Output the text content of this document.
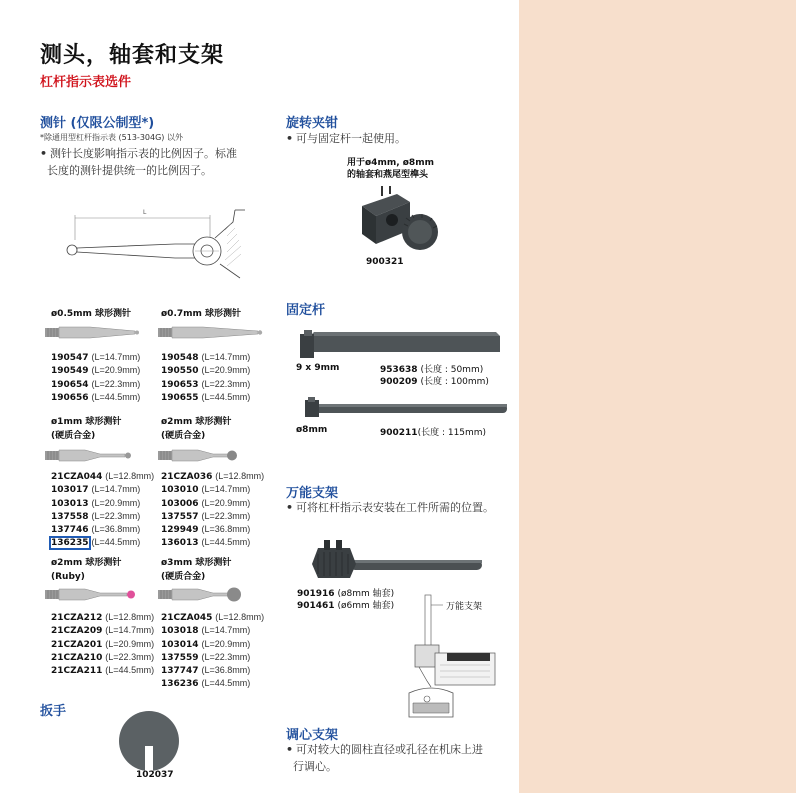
测头，轴套和支架
杠杆指示表选件
测针 (仅限公制型*)
*除通用型杠杆指示表 (513-304G) 以外
• 测针长度影响指示表的比例因子。标准
长度的测针提供统一的比例因子。
L
ø0.5mm 球形测针
190547 (L=14.7mm)
190549 (L=20.9mm)
190654 (L=22.3mm)
190656 (L=44.5mm)
ø0.7mm 球形测针
190548 (L=14.7mm)
190550 (L=20.9mm)
190653 (L=22.3mm)
190655 (L=44.5mm)
ø1mm 球形测针
(硬质合金)
21CZA044 (L=12.8mm)
103017 (L=14.7mm)
103013 (L=20.9mm)
137558 (L=22.3mm)
137746 (L=36.8mm)
136235 (L=44.5mm)
ø2mm 球形测针
(硬质合金)
21CZA036 (L=12.8mm)
103010 (L=14.7mm)
103006 (L=20.9mm)
137557 (L=22.3mm)
129949 (L=36.8mm)
136013 (L=44.5mm)
ø2mm 球形测针
(Ruby)
21CZA212 (L=12.8mm)
21CZA209 (L=14.7mm)
21CZA201 (L=20.9mm)
21CZA210 (L=22.3mm)
21CZA211 (L=44.5mm)
ø3mm 球形测针
(硬质合金)
21CZA045 (L=12.8mm)
103018 (L=14.7mm)
103014 (L=20.9mm)
137559 (L=22.3mm)
137747 (L=36.8mm)
136236 (L=44.5mm)
扳手
102037
旋转夹钳
• 可与固定杆一起使用。
用于ø4mm, ø8mm
的轴套和燕尾型榫头
900321
固定杆
9 x 9mm	953638 (长度 : 50mm)
900209 (长度 : 100mm)
ø8mm	900211(长度 : 115mm)
万能支架
• 可将杠杆指示表安装在工件所需的位置。
901916 (ø8mm 轴套)
901461 (ø6mm 轴套)	万能支架
调心支架
• 可对较大的圆柱直径或孔径在机床上进
行调心。
